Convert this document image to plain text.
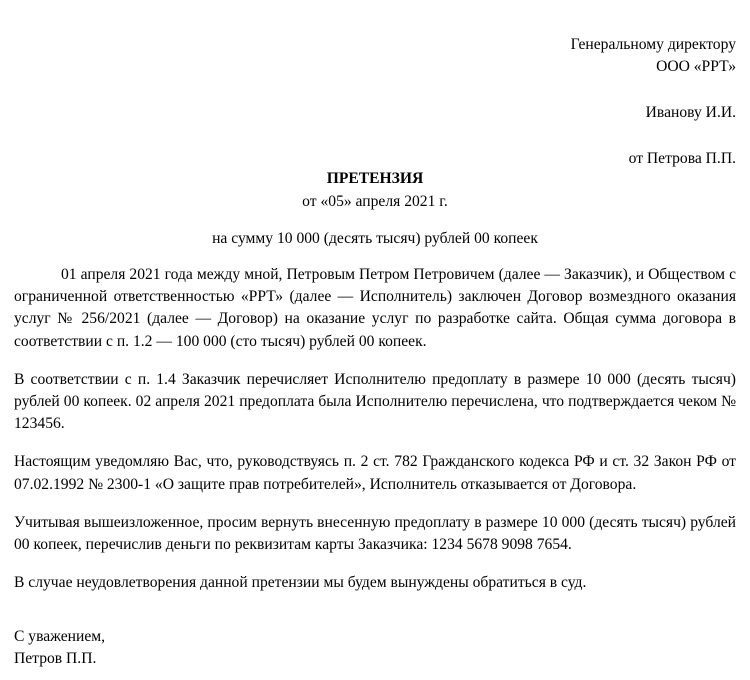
Генеральному директору
ООО «РРТ»
Иванову И.И.
от Петрова П.П.
ПРЕТЕНЗИЯ
от «05» апреля 2021 г.
на сумму 10 000 (десять тысяч) рублей 00 копеек

01 апреля 2021 года между мной, Петровым Петром Петровичем (далее — Заказчик), и Обществом с ограниченной ответственностью «РРТ» (далее — Исполнитель) заключен Договор возмездного оказания услуг № 256/2021 (далее — Договор) на оказание услуг по разработке сайта. Общая сумма договора в соответствии с п. 1.2 — 100 000 (сто тысяч) рублей 00 копеек.

В соответствии с п. 1.4 Заказчик перечисляет Исполнителю предоплату в размере 10 000 (десять тысяч) рублей 00 копеек. 02 апреля 2021 предоплата была Исполнителю перечислена, что подтверждается чеком № 123456.

Настоящим уведомляю Вас, что, руководствуясь п. 2 ст. 782 Гражданского кодекса РФ и ст. 32 Закон РФ от 07.02.1992 № 2300-1 «О защите прав потребителей», Исполнитель отказывается от Договора.

Учитывая вышеизложенное, просим вернуть внесенную предоплату в размере 10 000 (десять тысяч) рублей 00 копеек, перечислив деньги по реквизитам карты Заказчика: 1234 5678 9098 7654.

В случае неудовлетворения данной претензии мы будем вынуждены обратиться в суд.

С уважением,
Петров П.П.
